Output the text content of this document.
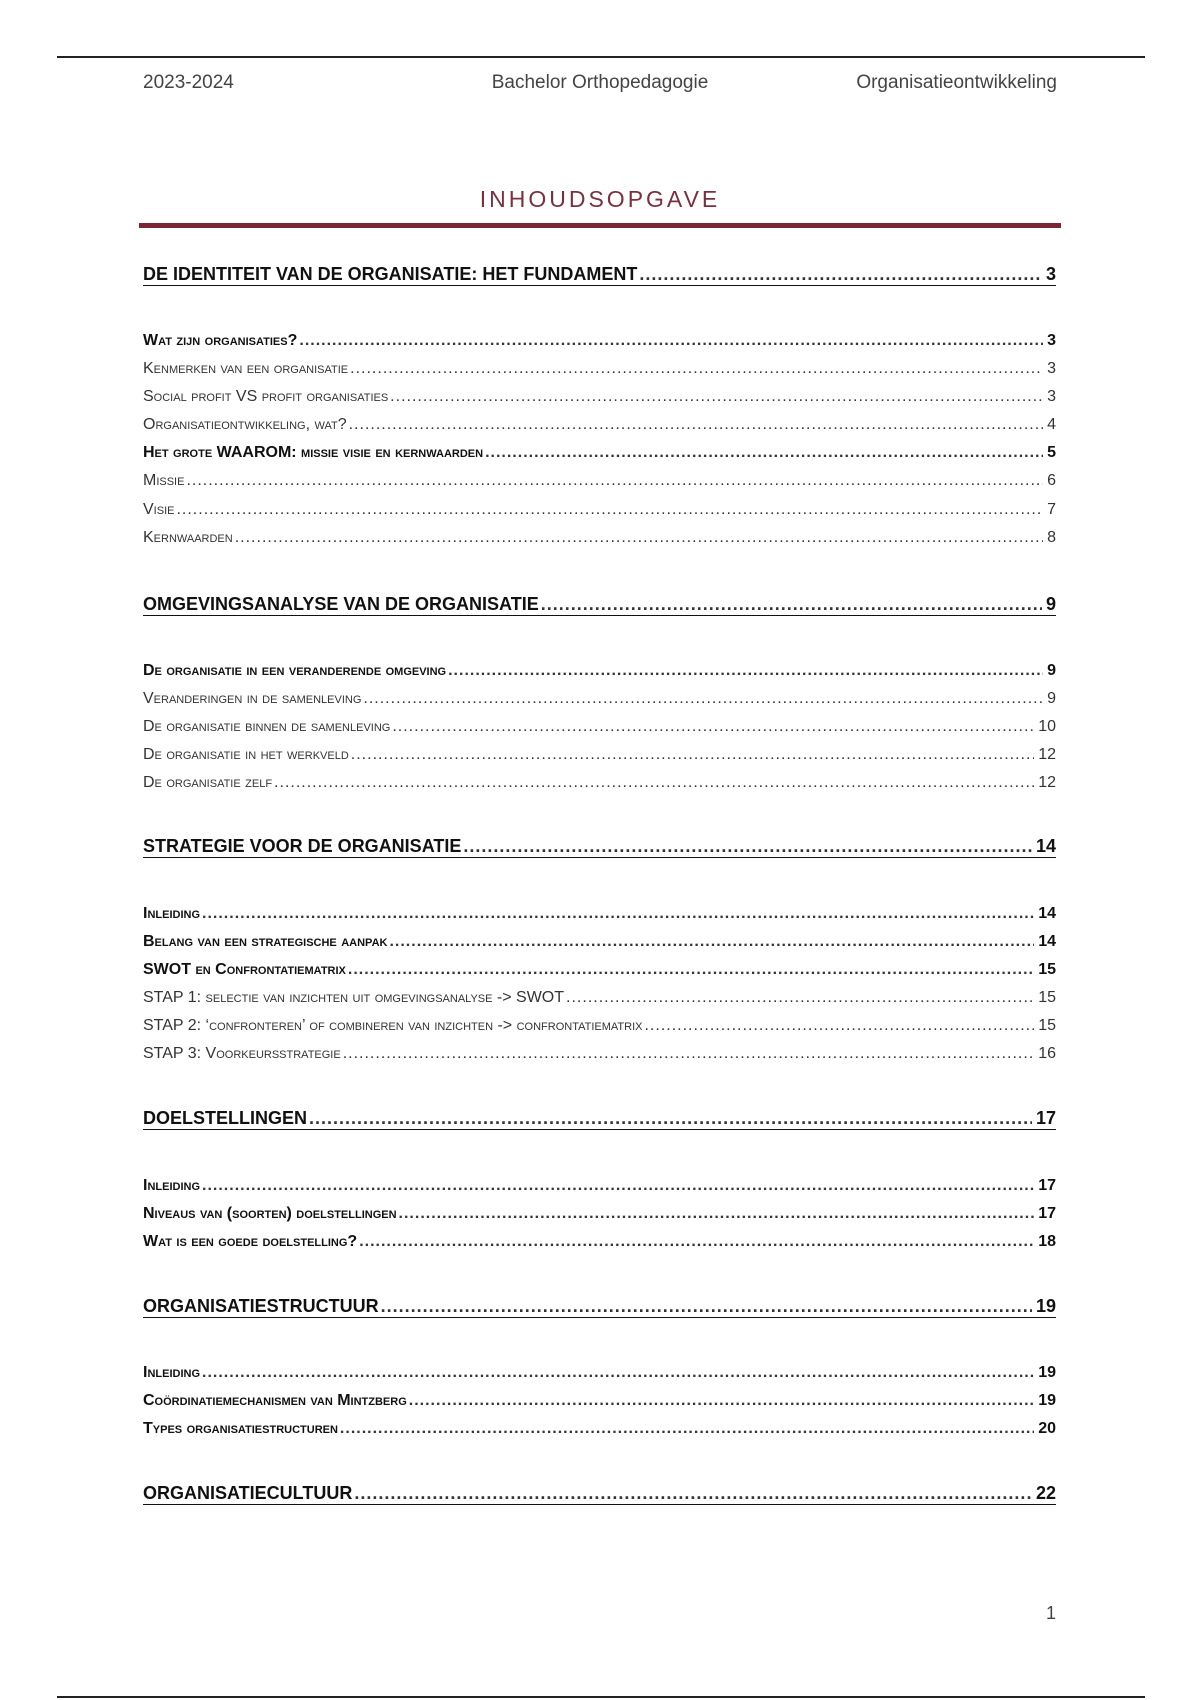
2023-2024	Bachelor Orthopedagogie	Organisatieontwikkeling
INHOUDSOPGAVE
DE IDENTITEIT VAN DE ORGANISATIE: HET FUNDAMENT .....	3
Wat zijn organisaties? .....	3
Kenmerken van een organisatie .....	3
Social profit VS profit organisaties .....	3
Organisatieontwikkeling, wat? .....	4
Het grote WAAROM: missie visie en kernwaarden .....	5
Missie .....	6
Visie .....	7
Kernwaarden .....	8
OMGEVINGSANALYSE VAN DE ORGANISATIE .....	9
De organisatie in een veranderende omgeving .....	9
Veranderingen in de samenleving .....	9
De organisatie binnen de samenleving .....	10
De organisatie in het werkveld .....	12
De organisatie zelf .....	12
STRATEGIE VOOR DE ORGANISATIE .....	14
Inleiding .....	14
Belang van een strategische aanpak .....	14
SWOT en Confrontatiematrix .....	15
STAP 1: selectie van inzichten uit omgevingsanalyse -> SWOT .....	15
STAP 2: ‘confronteren’ of combineren van inzichten -> confrontatiematrix .....	15
STAP 3: Voorkeursstrategie .....	16
DOELSTELLINGEN .....	17
Inleiding .....	17
Niveaus van (soorten) doelstellingen .....	17
Wat is een goede doelstelling? .....	18
ORGANISATIESTRUCTUUR .....	19
Inleiding .....	19
Coördinatiemechanismen van Mintzberg .....	19
Types organisatiestructuren .....	20
ORGANISATIECULTUUR .....	22
1
